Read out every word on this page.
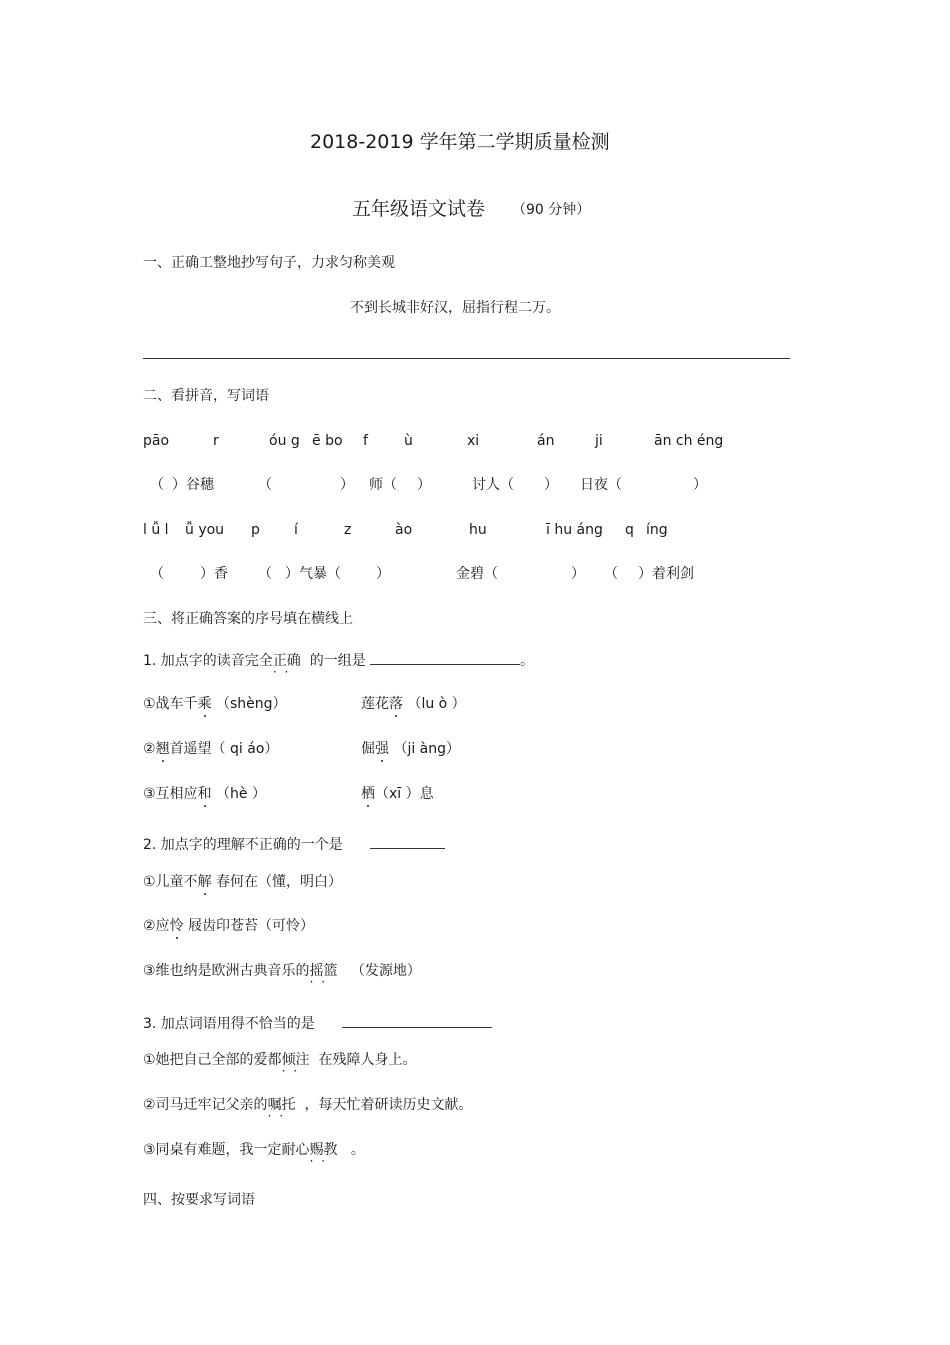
2018-2019 学年第二学期质量检测
五年级语文试卷 （90 分钟）
一、正确工整地抄写句子，力求匀称美观
不到长城非好汉，屈指行程二万。
二、看拼音，写词语
pāo	r	óu g ē bo f	ù	xi	án	ji	ān ch éng
（ ）谷穗	（	） 师（ ）	讨人（ ） 日夜（	）
l ǚ l ǚ you p í	z	ào	hu	ī hu áng q íng
（	）香 （ ）气暴（	）	金碧（	） （ ）着利剑
三、将正确答案的序号填在横线上
1. 加点字的读音完全正确 · · 的一组是	。
①战车千乘 （shèng）	莲花落 （lu ò ）
②翘首遥望（ qi áo）	倔强 （ji àng）
③互相应和 （hè ）	栖（xī ）息
2. 加点字的理解不正确的一个是
①儿童不解 春何在（懂，明白）
②应怜 屐齿印苍苔（可怜）
③维也纳是欧洲古典音乐的摇篮 · · （发源地）
3. 加点词语用得不恰当的是
①她把自己全部的爱都倾注 · · 在残障人身上。
②司马迁牢记父亲的嘱托 · · ，每天忙着研读历史文献。
③同桌有难题，我一定耐心赐教 · · 。
四、按要求写词语
